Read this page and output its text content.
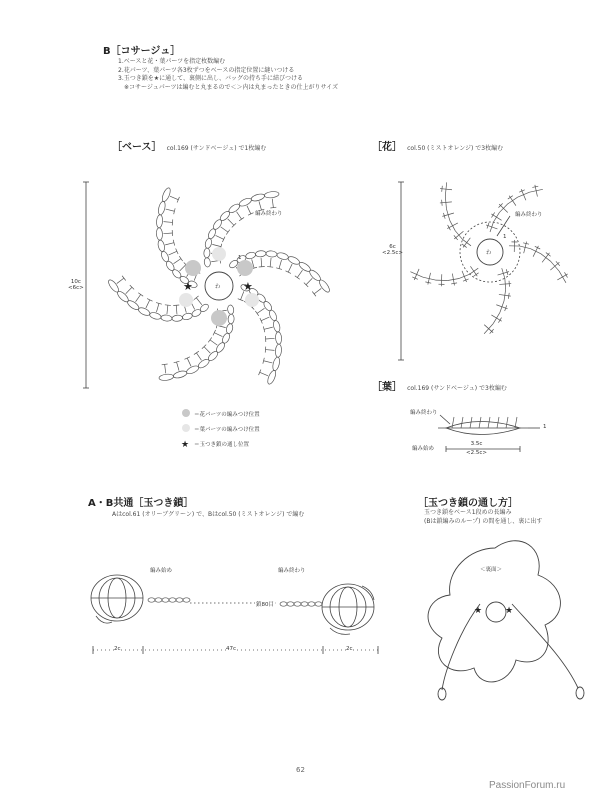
B［コサージュ］
1.ベースと花・葉パーツを指定枚数編む
2.花パーツ、葉パーツ各3枚ずつをベースの指定位置に縫いつける
3.玉つき鎖を★に通して、裏側に出し、バッグの持ち手に結びつける
※コサージュパーツは編むと丸まるので＜＞内は丸まったときの仕上がりサイズ
［ベース］ col.169 (サンドベージュ) で1枚編む
★	★
★
★	★
編み終わり
わ
1
10c
<6c>
＝花パーツの編みつけ位置
＝葉パーツの編みつけ位置
＝玉つき鎖の通し位置
［花］ col.50 (ミストオレンジ) で3枚編む
編み終わり
わ
1
6c
<2.5c>
［葉］ col.169 (サンドベージュ) で3枚編む
編み終わり
編み始め
1
3.5c
<2.5c>
A・B共通［玉つき鎖］
Aはcol.61 (オリーブグリーン) で、Bはcol.50 (ミストオレンジ) で編む
編み始め	編み終わり
鎖80目
2c	47c	2c
［玉つき鎖の通し方］
玉つき鎖をベース1段めの長編み
(Bは鎖編みのループ) の間を通し、裏に出す
＜裏面＞
62
PassionForum.ru
